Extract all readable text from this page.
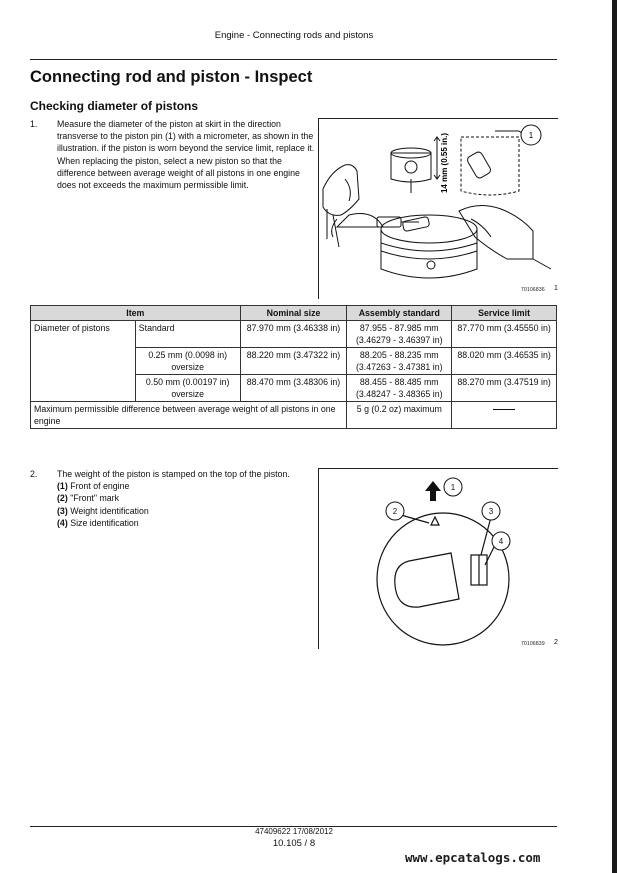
Engine - Connecting rods and pistons
Connecting rod and piston - Inspect
Checking diameter of pistons
1. Measure the diameter of the piston at skirt in the direction transverse to the piston pin (1) with a micrometer, as shown in the illustration. if the piston is worn beyond the service limit, replace it. When replacing the piston, select a new piston so that the difference between average weight of all pistons in one engine does not exceeds the maximum permissible limit.	14 mm (0.55 in.)	1
70106836 1
Item		Nominal size	Assembly standard	Service limit
Diameter of pistons	Standard	87.970 mm (3.46338 in)	87.955 - 87.985 mm (3.46279 - 3.46397 in)	87.770 mm (3.45550 in)
	0.25 mm (0.0098 in) oversize	88.220 mm (3.47322 in)	88.205 - 88.235 mm (3.47263 - 3.47381 in)	88.020 mm (3.46535 in)
	0.50 mm (0.00197 in) oversize	88.470 mm (3.48306 in)	88.455 - 88.485 mm (3.48247 - 3.48365 in)	88.270 mm (3.47519 in)
Maximum permissible difference between average weight of all pistons in one engine			5 g (0.2 oz) maximum	
2. The weight of the piston is stamped on the top of the piston.
(1) Front of engine
(2) "Front" mark
(3) Weight identification
(4) Size identification
1
2	3
4
70106839 2
47409622 17/08/2012
10.105 / 8
www.epcatalogs.com
